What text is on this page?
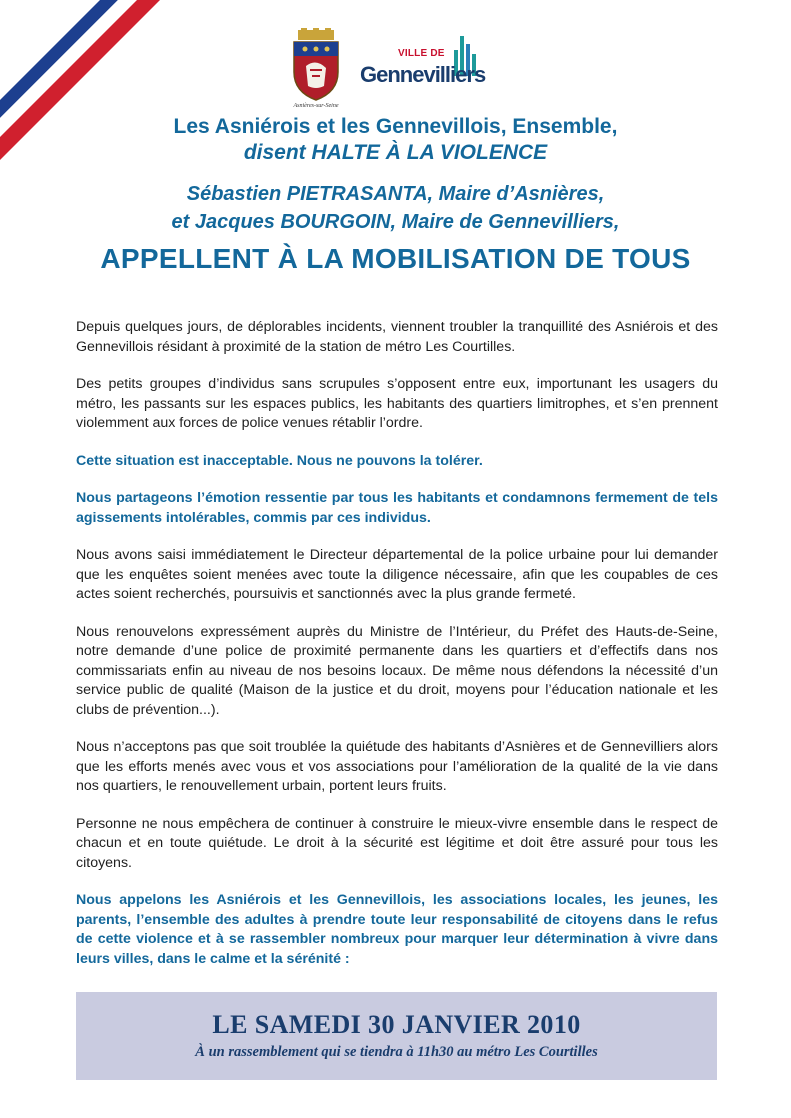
Asnières-sur-Seine
VILLE DE
Gennevilliers
Les Asniérois et les Gennevillois, Ensemble,
disent HALTE À LA VIOLENCE
Sébastien PIETRASANTA, Maire d’Asnières,
et Jacques BOURGOIN, Maire de Gennevilliers,
APPELLENT À LA MOBILISATION DE TOUS

Depuis quelques jours, de déplorables incidents, viennent troubler la tranquillité des Asniérois et des Gennevillois résidant à proximité de la station de métro Les Courtilles.

Des petits groupes d’individus sans scrupules s’opposent entre eux, importunant les usagers du métro, les passants sur les espaces publics, les habitants des quartiers limitrophes, et s’en prennent violemment aux forces de police venues rétablir l’ordre.

Cette situation est inacceptable. Nous ne pouvons la tolérer.

Nous partageons l’émotion ressentie par tous les habitants et condamnons fermement de tels agissements intolérables, commis par ces individus.

Nous avons saisi immédiatement le Directeur départemental de la police urbaine pour lui demander que les enquêtes soient menées avec toute la diligence nécessaire, afin que les coupables de ces actes soient recherchés, poursuivis et sanctionnés avec la plus grande fermeté.

Nous renouvelons expressément auprès du Ministre de l’Intérieur, du Préfet des Hauts-de-Seine, notre demande d’une police de proximité permanente dans les quartiers et d’effectifs dans nos commissariats enfin au niveau de nos besoins locaux. De même nous défendons la nécessité d’un service public de qualité (Maison de la justice et du droit, moyens pour l’éducation nationale et les clubs de prévention...).

Nous n’acceptons pas que soit troublée la quiétude des habitants d’Asnières et de Gennevilliers alors que les efforts menés avec vous et vos associations pour l’amélioration de la qualité de la vie dans nos quartiers, le renouvellement urbain, portent leurs fruits.

Personne ne nous empêchera de continuer à construire le mieux-vivre ensemble dans le respect de chacun et en toute quiétude. Le droit à la sécurité est légitime et doit être assuré pour tous les citoyens.

Nous appelons les Asniérois et les Gennevillois, les associations locales, les jeunes, les parents, l’ensemble des adultes à prendre toute leur responsabilité de citoyens dans le refus de cette violence et à se rassembler nombreux pour marquer leur détermination à vivre dans leurs villes, dans le calme et la sérénité :

LE SAMEDI 30 JANVIER 2010
À un rassemblement qui se tiendra à 11h30 au métro Les Courtilles
